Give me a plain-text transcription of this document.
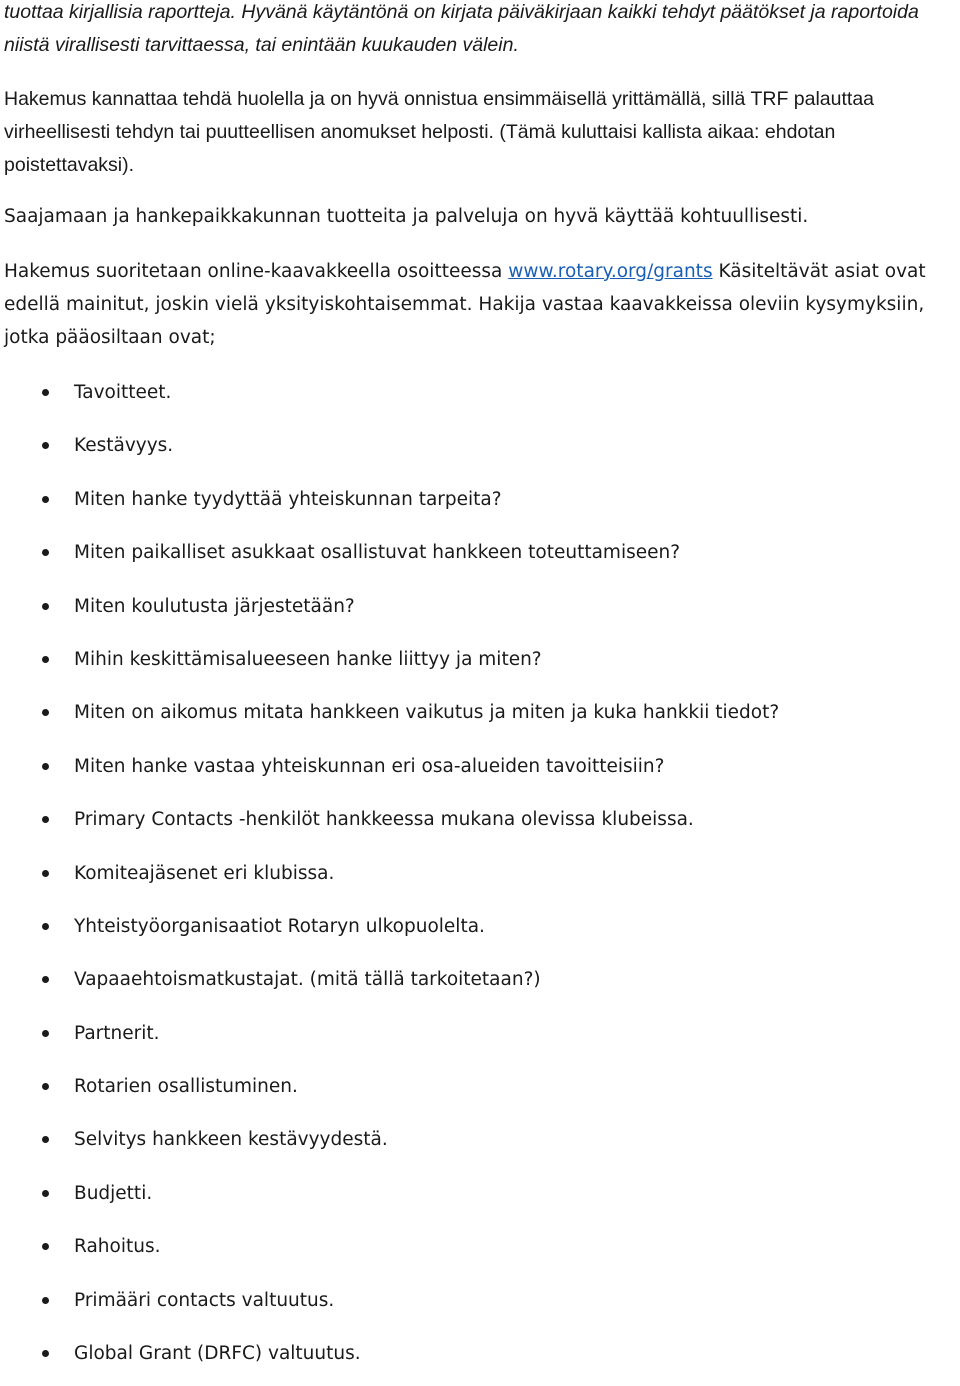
tuottaa kirjallisia raportteja. Hyvänä käytäntönä on kirjata päiväkirjaan kaikki tehdyt päätökset ja raportoida niistä virallisesti tarvittaessa, tai enintään kuukauden välein.

Hakemus kannattaa tehdä huolella ja on hyvä onnistua ensimmäisellä yrittämällä, sillä TRF palauttaa virheellisesti tehdyn tai puutteellisen anomukset helposti. (Tämä kuluttaisi kallista aikaa: ehdotan poistettavaksi).

Saajamaan ja hankepaikkakunnan tuotteita ja palveluja on hyvä käyttää kohtuullisesti.

Hakemus suoritetaan online-kaavakkeella osoitteessa www.rotary.org/grants Käsiteltävät asiat ovat edellä mainitut, joskin vielä yksityiskohtaisemmat. Hakija vastaa kaavakkeissa oleviin kysymyksiin, jotka pääosiltaan ovat;

Tavoitteet.
Kestävyys.
Miten hanke tyydyttää yhteiskunnan tarpeita?
Miten paikalliset asukkaat osallistuvat hankkeen toteuttamiseen?
Miten koulutusta järjestetään?
Mihin keskittämisalueeseen hanke liittyy ja miten?
Miten on aikomus mitata hankkeen vaikutus ja miten ja kuka hankkii tiedot?
Miten hanke vastaa yhteiskunnan eri osa-alueiden tavoitteisiin?
Primary Contacts -henkilöt hankkeessa mukana olevissa klubeissa.
Komiteajäsenet eri klubissa.
Yhteistyöorganisaatiot Rotaryn ulkopuolelta.
Vapaaehtoismatkustajat. (mitä tällä tarkoitetaan?)
Partnerit.
Rotarien osallistuminen.
Selvitys hankkeen kestävyydestä.
Budjetti.
Rahoitus.
Primääri contacts valtuutus.
Global Grant (DRFC) valtuutus.
